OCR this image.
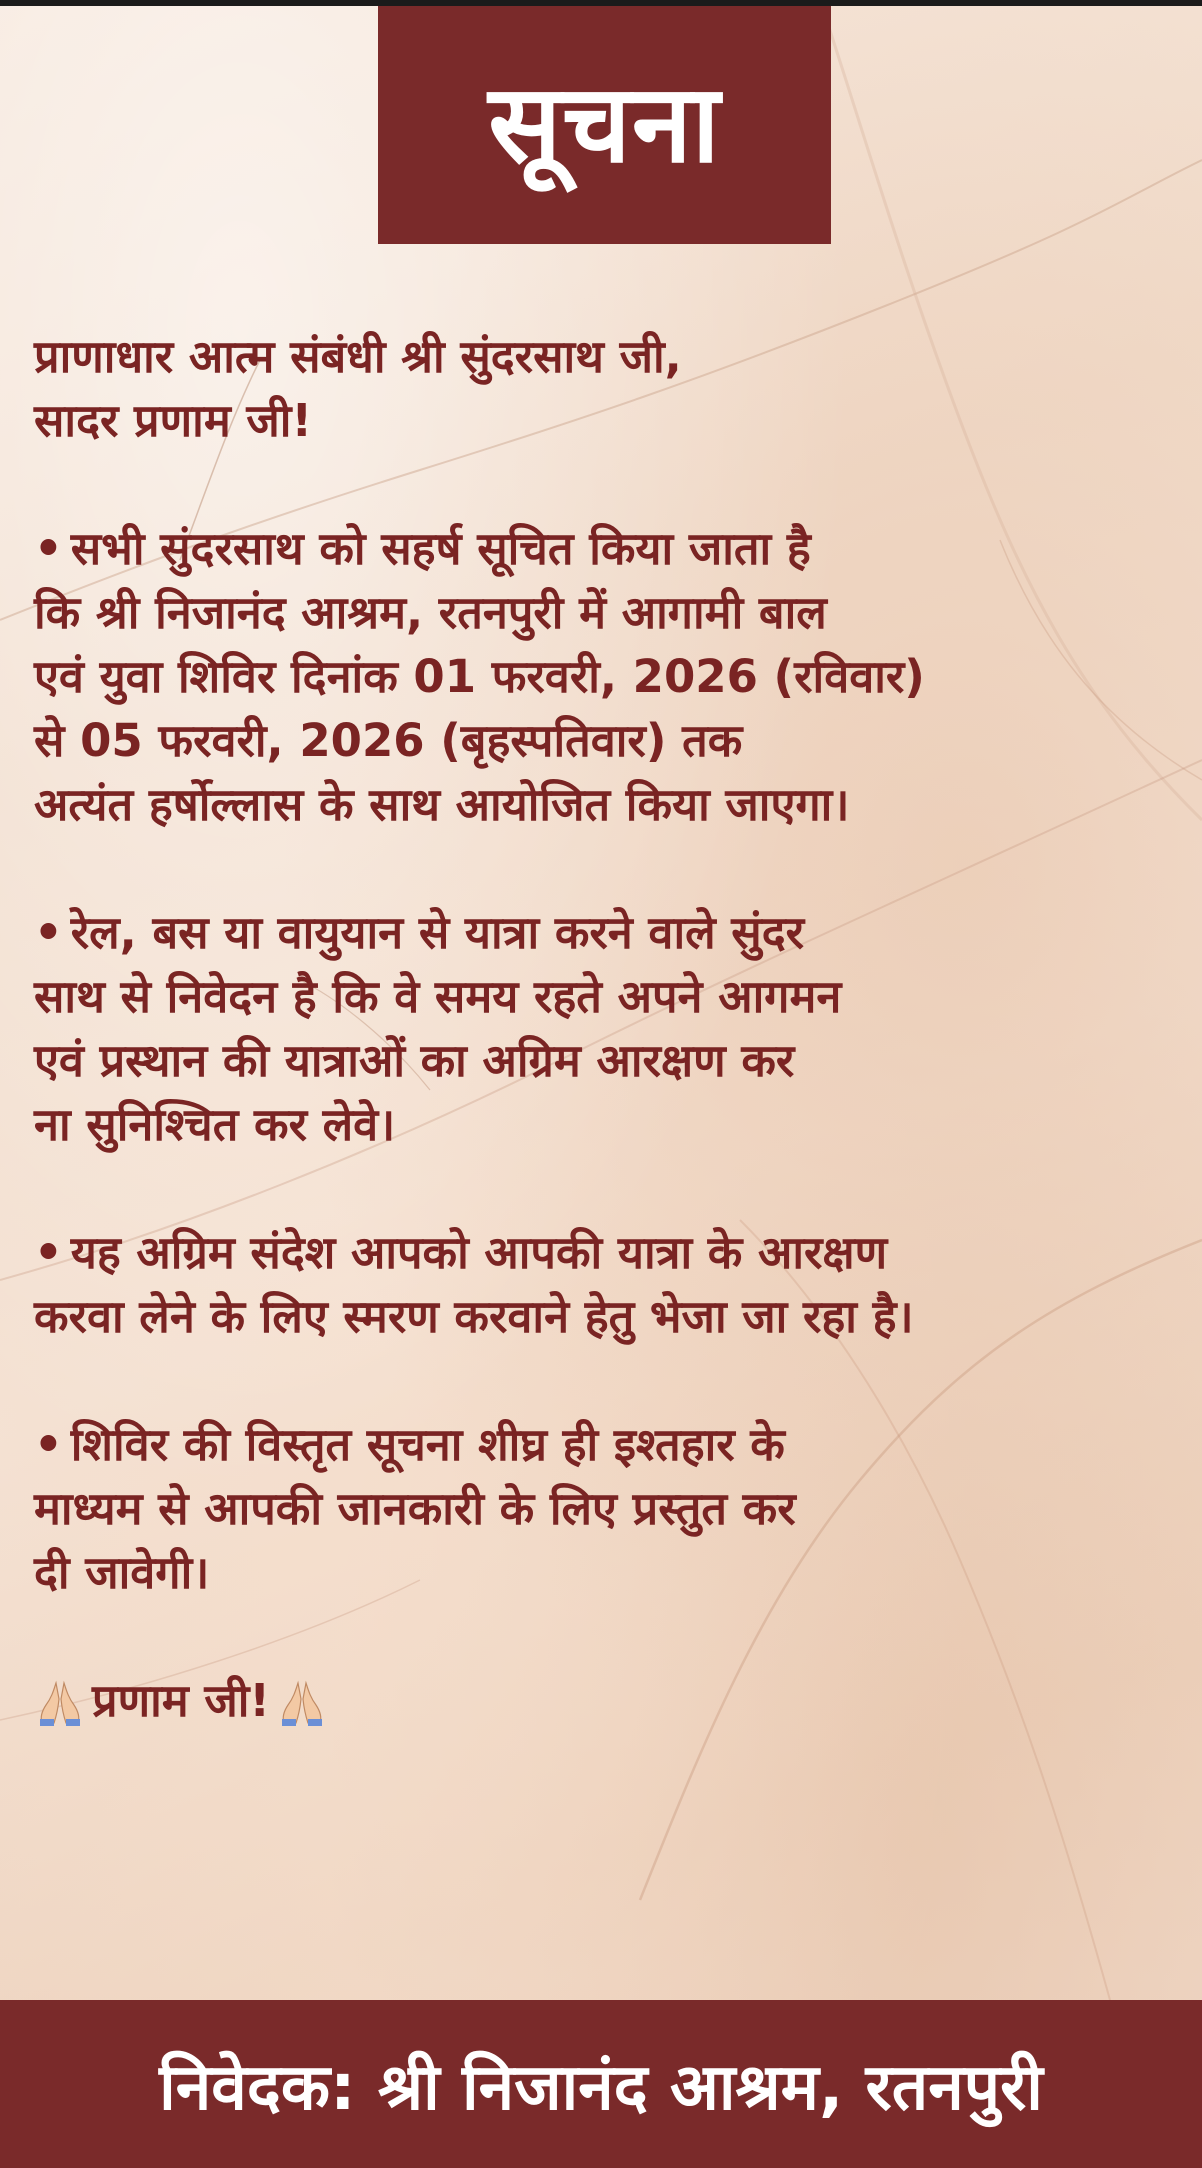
सूचना
प्राणाधार आत्म संबंधी श्री सुंदरसाथ जी,
सादर प्रणाम जी!
• सभी सुंदरसाथ को सहर्ष सूचित किया जाता है
कि श्री निजानंद आश्रम, रतनपुरी में आगामी बाल
एवं युवा शिविर दिनांक 01 फरवरी, 2026 (रविवार)
से 05 फरवरी, 2026 (बृहस्पतिवार) तक
अत्यंत हर्षोल्लास के साथ आयोजित किया जाएगा।
• रेल, बस या वायुयान से यात्रा करने वाले सुंदर
साथ से निवेदन है कि वे समय रहते अपने आगमन
एवं प्रस्थान की यात्राओं का अग्रिम आरक्षण कर
ना सुनिश्चित कर लेवे।
• यह अग्रिम संदेश आपको आपकी यात्रा के आरक्षण
करवा लेने के लिए स्मरण करवाने हेतु भेजा जा रहा है।
• शिविर की विस्तृत सूचना शीघ्र ही इश्तहार के
माध्यम से आपकी जानकारी के लिए प्रस्तुत कर
दी जावेगी।
प्रणाम जी!
निवेदक: श्री निजानंद आश्रम, रतनपुरी
